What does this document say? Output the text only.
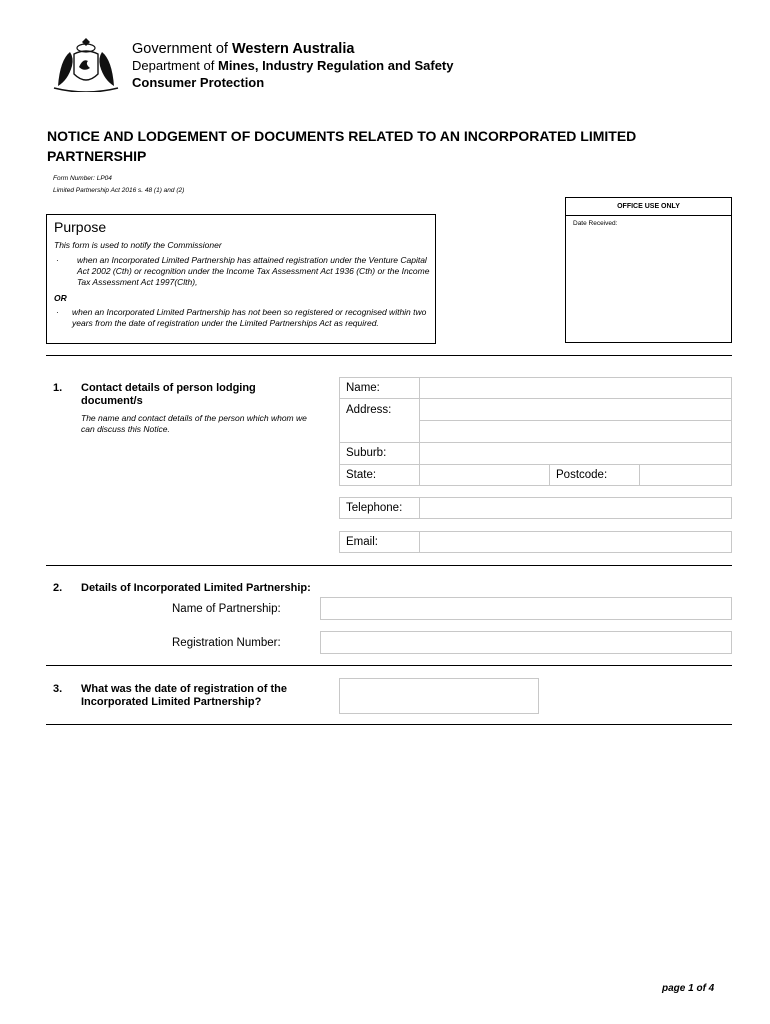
Government of Western Australia
Department of Mines, Industry Regulation and Safety
Consumer Protection
NOTICE AND LODGEMENT OF DOCUMENTS RELATED TO AN INCORPORATED LIMITED PARTNERSHIP
Form Number: LP04
Limited Partnership Act 2016 s. 48 (1) and (2)
OFFICE USE ONLY
Date Received:
Purpose
This form is used to notify the Commissioner
· when an Incorporated Limited Partnership has attained registration under the Venture Capital Act 2002 (Cth) or recognition under the Income Tax Assessment Act 1936 (Cth) or the Income Tax Assessment Act 1997(Clth),
OR
· when an Incorporated Limited Partnership has not been so registered or recognised within two years from the date of registration under the Limited Partnerships Act as required.
1. Contact details of person lodging document/s
The name and contact details of the person which whom we can discuss this Notice.
Name:
Address:
Suburb:
State:	Postcode:
Telephone:
Email:
2. Details of Incorporated Limited Partnership:
Name of Partnership:
Registration Number:
3. What was the date of registration of the Incorporated Limited Partnership?
page 1 of 4
